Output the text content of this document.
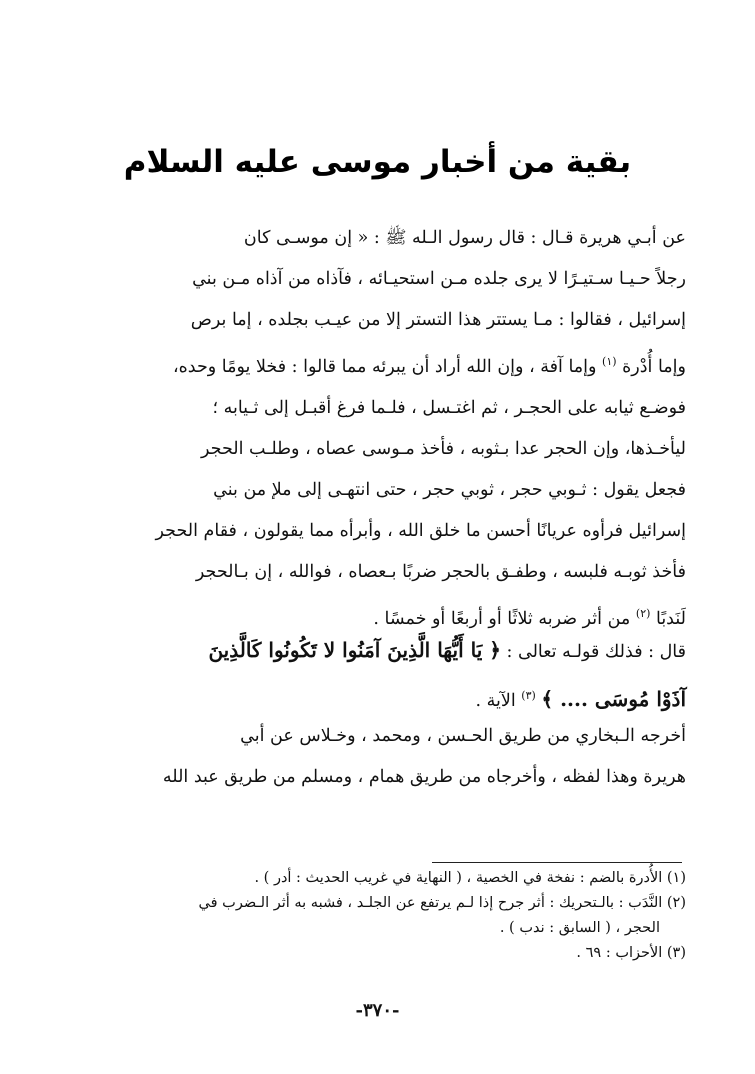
بقية من أخبار موسى عليه السلام
عن أبـي هريرة قـال : قال رسول الـله ﷺ : « إن موسـى كان
رجلاً حـيـا سـتيـرًا لا يرى جلده مـن استحيـائه ، فآذاه من آذاه مـن بني
إسرائيل ، فقالوا : مـا يستتر هذا التستر إلا من عيـب بجلده ، إما برص
وإما أُدْرة $^{(١)}$ وإما آفة ، وإن الله أراد أن يبرئه مما قالوا : فخلا يومًا وحده،
فوضـع ثيابه على الحجـر ، ثم اغتـسل ، فلـما فرغ أقبـل إلى ثـيابه ؛
ليأخـذها، وإن الحجر عدا بـثوبه ، فأخذ مـوسى عصاه ، وطلـب الحجر
فجعل يقول : ثـوبي حجر ، ثوبي حجر ، حتى انتهـى إلى ملإ من بني
إسرائيل فرأوه عريانًا أحسن ما خلق الله ، وأبرأه مما يقولون ، فقام الحجر
فأخذ ثوبـه فلبسه ، وطفـق بالحجر ضربًا بـعصاه ، فوالله ، إن بـالحجر
لَنَدبًا $^{(٢)}$ من أثر ضربه ثلاثًا أو أربعًا أو خمسًا .
قال : فذلك قولـه تعالى : ﴿ يَا أَيُّهَا الَّذِينَ آمَنُوا لا تَكُونُوا كَالَّذِينَ
آذَوْا مُوسَى .... ﴾ $^{(٣)}$ الآية .
أخرجه الـبخاري من طريق الحـسن ، ومحمد ، وخـلاس عن أبي
هريرة وهذا لفظه ، وأخرجاه من طريق همام ، ومسلم من طريق عبد الله
(١) الأُدرة بالضم : نفخة في الخصية ، ( النهاية في غريب الحديث : أدر ) .
(٢) النَّدَب : بالـتحريك : أثر جرح إذا لـم يرتفع عن الجلـد ، فشبه به أثر الـضرب في
الحجر ، ( السابق : ندب ) .
(٣) الأحزاب : ٦٩ .
-٣٧٠-
